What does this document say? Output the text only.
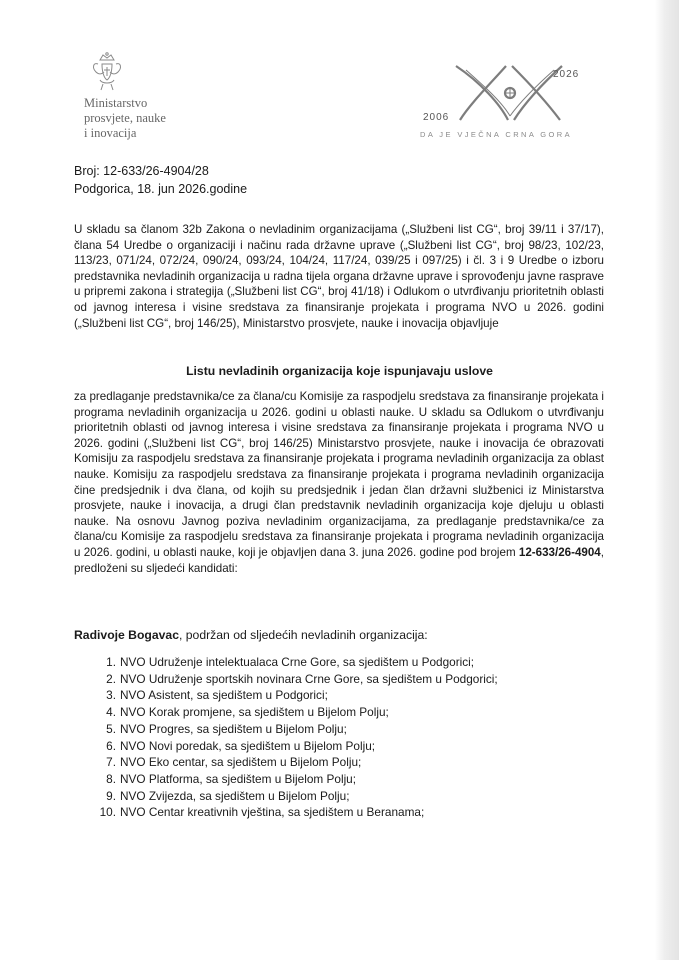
Ministarstvo
prosvjete, nauke
i inovacija
2026
2006
DA JE VJEČNA CRNA GORA
Broj: 12-633/26-4904/28
Podgorica, 18. jun 2026.godine
U skladu sa članom 32b Zakona o nevladinim organizacijama („Službeni list CG“, broj 39/11 i 37/17), člana 54 Uredbe o organizaciji i načinu rada državne uprave („Službeni list CG“, broj 98/23, 102/23, 113/23, 071/24, 072/24, 090/24, 093/24, 104/24, 117/24, 039/25 i 097/25) i čl. 3 i 9 Uredbe o izboru predstavnika nevladinih organizacija u radna tijela organa državne uprave i sprovođenju javne rasprave u pripremi zakona i strategija („Službeni list CG“, broj 41/18) i Odlukom o utvrđivanju prioritetnih oblasti od javnog interesa i visine sredstava za finansiranje projekata i programa NVO u 2026. godini („Službeni list CG“, broj 146/25), Ministarstvo prosvjete, nauke i inovacija objavljuje
Listu nevladinih organizacija koje ispunjavaju uslove
za predlaganje predstavnika/ce za člana/cu Komisije za raspodjelu sredstava za finansiranje projekata i programa nevladinih organizacija u 2026. godini u oblasti nauke. U skladu sa Odlukom o utvrđivanju prioritetnih oblasti od javnog interesa i visine sredstava za finansiranje projekata i programa NVO u 2026. godini („Službeni list CG“, broj 146/25) Ministarstvo prosvjete, nauke i inovacija će obrazovati Komisiju za raspodjelu sredstava za finansiranje projekata i programa nevladinih organizacija za oblast nauke. Komisiju za raspodjelu sredstava za finansiranje projekata i programa nevladinih organizacija čine predsjednik i dva člana, od kojih su predsjednik i jedan član državni službenici iz Ministarstva prosvjete, nauke i inovacija, a drugi član predstavnik nevladinih organizacija koje djeluju u oblasti nauke. Na osnovu Javnog poziva nevladinim organizacijama, za predlaganje predstavnika/ce za člana/cu Komisije za raspodjelu sredstava za finansiranje projekata i programa nevladinih organizacija u 2026. godini, u oblasti nauke, koji je objavljen dana 3. juna 2026. godine pod brojem 12-633/26-4904, predloženi su sljedeći kandidati:
Radivoje Bogavac, podržan od sljedećih nevladinih organizacija:
1. NVO Udruženje intelektualaca Crne Gore, sa sjedištem u Podgorici;
2. NVO Udruženje sportskih novinara Crne Gore, sa sjedištem u Podgorici;
3. NVO Asistent, sa sjedištem u Podgorici;
4. NVO Korak promjene, sa sjedištem u Bijelom Polju;
5. NVO Progres, sa sjedištem u Bijelom Polju;
6. NVO Novi poredak, sa sjedištem u Bijelom Polju;
7. NVO Eko centar, sa sjedištem u Bijelom Polju;
8. NVO Platforma, sa sjedištem u Bijelom Polju;
9. NVO Zvijezda, sa sjedištem u Bijelom Polju;
10. NVO Centar kreativnih vještina, sa sjedištem u Beranama;
